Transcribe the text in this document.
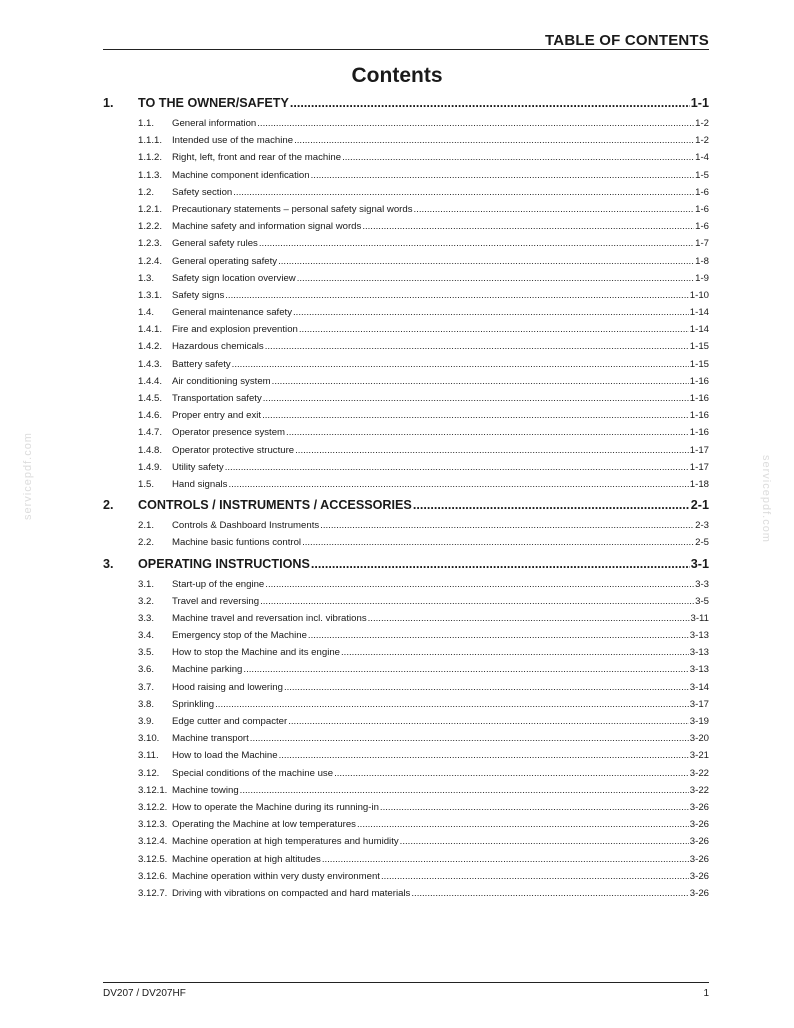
TABLE OF CONTENTS
Contents
1.	TO THE OWNER/SAFETY .....	1-1
1.1.	General information .....	1-2
1.1.1.	Intended use of the machine .....	1-2
1.1.2.	Right, left, front and rear of the machine .....	1-4
1.1.3.	Machine component idenfication .....	1-5
1.2.	Safety section .....	1-6
1.2.1.	Precautionary statements – personal safety signal words .....	1-6
1.2.2.	Machine safety and information signal words .....	1-6
1.2.3.	General safety rules .....	1-7
1.2.4.	General operating safety .....	1-8
1.3.	Safety sign location overview .....	1-9
1.3.1.	Safety signs .....	1-10
1.4.	General maintenance safety .....	1-14
1.4.1.	Fire and explosion prevention .....	1-14
1.4.2.	Hazardous chemicals .....	1-15
1.4.3.	Battery safety .....	1-15
1.4.4.	Air conditioning system .....	1-16
1.4.5.	Transportation safety .....	1-16
1.4.6.	Proper entry and exit .....	1-16
1.4.7.	Operator presence system .....	1-16
1.4.8.	Operator protective structure .....	1-17
1.4.9.	Utility safety .....	1-17
1.5.	Hand signals .....	1-18
2.	CONTROLS / INSTRUMENTS / ACCESSORIES .....	2-1
2.1.	Controls & Dashboard Instruments .....	2-3
2.2.	Machine basic funtions control .....	2-5
3.	OPERATING INSTRUCTIONS .....	3-1
3.1.	Start-up of the engine .....	3-3
3.2.	Travel and reversing .....	3-5
3.3.	Machine travel and reversation incl. vibrations .....	3-11
3.4.	Emergency stop of the Machine .....	3-13
3.5.	How to stop the Machine and its engine .....	3-13
3.6.	Machine parking .....	3-13
3.7.	Hood raising and lowering .....	3-14
3.8.	Sprinkling .....	3-17
3.9.	Edge cutter and compacter .....	3-19
3.10.	Machine transport .....	3-20
3.11.	How to load the Machine .....	3-21
3.12.	Special conditions of the machine use .....	3-22
3.12.1. Machine towing .....	3-22
3.12.2. How to operate the Machine during its running-in .....	3-26
3.12.3. Operating the Machine at low temperatures .....	3-26
3.12.4. Machine operation at high temperatures and humidity .....	3-26
3.12.5. Machine operation at high altitudes .....	3-26
3.12.6. Machine operation within very dusty environment .....	3-26
3.12.7. Driving with vibrations on compacted and hard materials .....	3-26
servicepdf.com	servicepdf.com
DV207 / DV207HF	1
